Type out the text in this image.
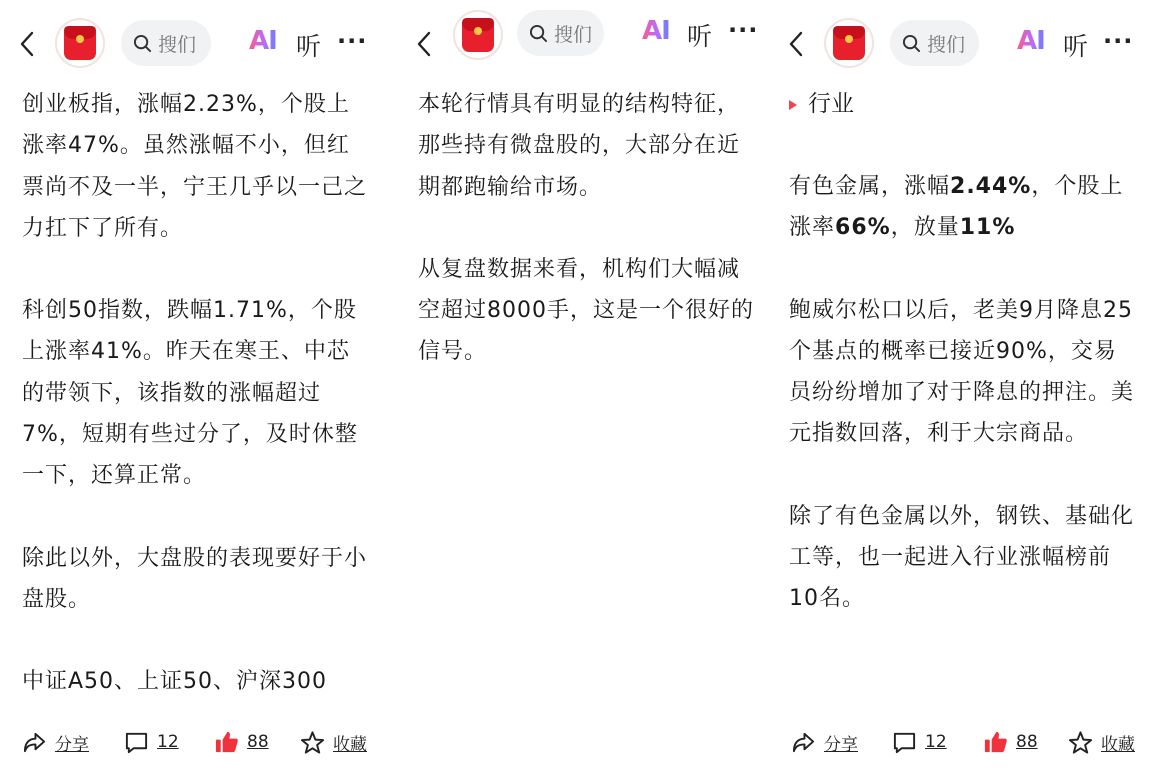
搜们 AI 听 ···

创业板指，涨幅2.23%，个股上涨率47%。虽然涨幅不小，但红票尚不及一半，宁王几乎以一己之力扛下了所有。

科创50指数，跌幅1.71%，个股上涨率41%。昨天在寒王、中芯的带领下，该指数的涨幅超过7%，短期有些过分了，及时休整一下，还算正常。

除此以外，大盘股的表现要好于小盘股。

中证A50、上证50、沪深300

分享	12	88	收藏
搜们 AI 听 ···

本轮行情具有明显的结构特征，那些持有微盘股的，大部分在近期都跑输给市场。

从复盘数据来看，机构们大幅减空超过8000手，这是一个很好的信号。

搜们 AI 听 ···
行业

有色金属，涨幅2.44%，个股上涨率66%，放量11%

鲍威尔松口以后，老美9月降息25个基点的概率已接近90%，交易员纷纷增加了对于降息的押注。美元指数回落，利于大宗商品。

除了有色金属以外，钢铁、基础化工等，也一起进入行业涨幅榜前10名。

分享	12	88	收藏
